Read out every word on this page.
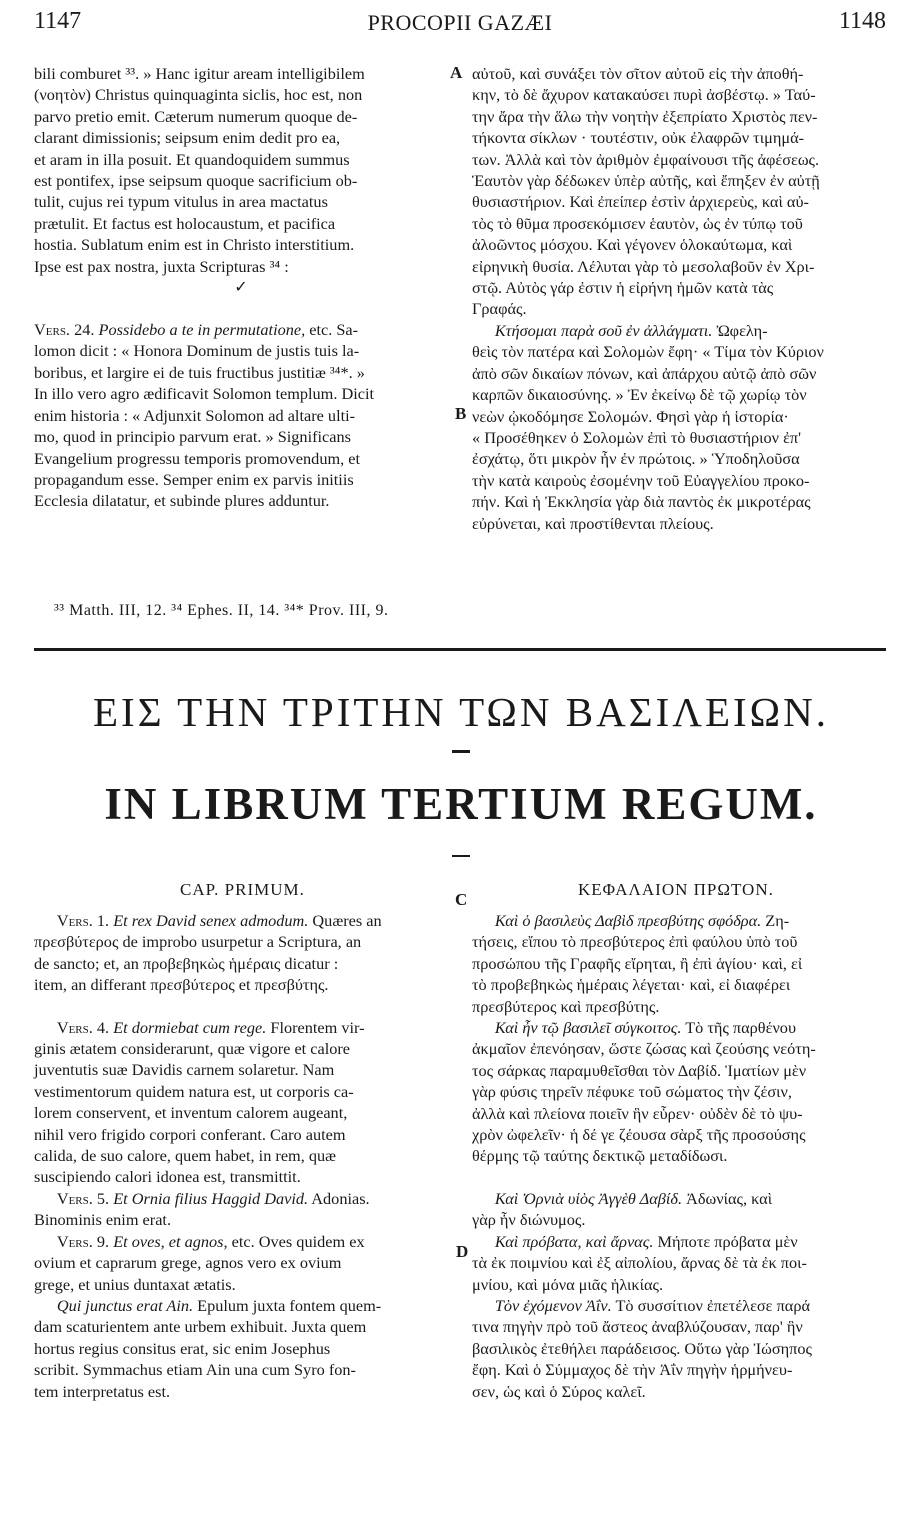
1147	PROCOPII GAZÆI	1148

bili comburet ³³. » Hanc igitur aream intelligibilem

(νοητὸν) Christus quinquaginta siclis, hoc est, non

parvo pretio emit. Cæterum numerum quoque de-

clarant dimissionis; seipsum enim dedit pro ea,

et aram in illa posuit. Et quandoquidem summus

est pontifex, ipse seipsum quoque sacrificium ob-

tulit, cujus rei typum vitulus in area mactatus

prætulit. Et factus est holocaustum, et pacifica

hostia. Sublatum enim est in Christo interstitium.

Ipse est pax nostra, juxta Scripturas ³⁴ :

✓

Vers. 24. Possidebo a te in permutatione, etc. Sa-

lomon dicit : « Honora Dominum de justis tuis la-

boribus, et largire ei de tuis fructibus justitiæ ³⁴*. »

In illo vero agro ædificavit Solomon templum. Dicit

enim historia : « Adjunxit Solomon ad altare ulti-

mo, quod in principio parvum erat. » Significans

Evangelium progressu temporis promovendum, et

propagandum esse. Semper enim ex parvis initiis

Ecclesia dilatatur, et subinde plures adduntur.

αὐτοῦ, καὶ συνάξει τὸν σῖτον αὐτοῦ εἰς τὴν ἀποθή-

κην, τὸ δὲ ἄχυρον κατακαύσει πυρὶ ἀσβέστῳ. » Ταύ-

την ἄρα τὴν ἅλω τὴν νοητὴν ἐξεπρίατο Χριστὸς πεν-

τήκοντα σίκλων · τουτέστιν, οὐκ ἐλαφρῶν τιμημά-

των. Ἀλλὰ καὶ τὸν ἀριθμὸν ἐμφαίνουσι τῆς ἀφέσεως.

Ἑαυτὸν γὰρ δέδωκεν ὑπὲρ αὐτῆς, καὶ ἔπηξεν ἐν αὐτῇ

θυσιαστήριον. Καὶ ἐπείπερ ἐστὶν ἀρχιερεὺς, καὶ αὐ-

τὸς τὸ θῦμα προσεκόμισεν ἑαυτὸν, ὡς ἐν τύπῳ τοῦ

ἀλοῶντος μόσχου. Καὶ γέγονεν ὁλοκαύτωμα, καὶ

εἰρηνικὴ θυσία. Λέλυται γὰρ τὸ μεσολαβοῦν ἐν Χρι-

στῷ. Αὐτὸς γάρ ἐστιν ἡ εἰρήνη ἡμῶν κατὰ τὰς

Γραφάς.

Κτήσομαι παρὰ σοῦ ἐν ἀλλάγματι. Ὠφελη-

θεὶς τὸν πατέρα καὶ Σολομὼν ἔφη· « Τίμα τὸν Κύριον

ἀπὸ σῶν δικαίων πόνων, καὶ ἀπάρχου αὐτῷ ἀπὸ σῶν

καρπῶν δικαιοσύνης. » Ἐν ἐκείνῳ δὲ τῷ χωρίῳ τὸν

νεὼν ᾠκοδόμησε Σολομών. Φησὶ γὰρ ἡ ἱστορία·

« Προσέθηκεν ὁ Σολομὼν ἐπὶ τὸ θυσιαστήριον ἐπ'

ἐσχάτῳ, ὅτι μικρὸν ἦν ἐν πρώτοις. » Ὑποδηλοῦσα

τὴν κατὰ καιροὺς ἐσομένην τοῦ Εὐαγγελίου προκο-

πήν. Καὶ ἡ Ἐκκλησία γὰρ διὰ παντὸς ἐκ μικροτέρας

εὐρύνεται, καὶ προστίθενται πλείους.

A
B
³³ Matth. III, 12. ³⁴ Ephes. II, 14. ³⁴* Prov. III, 9.
ΕΙΣ ΤΗΝ ΤΡΙΤΗΝ ΤΩΝ ΒΑΣΙΛΕΙΩΝ.
IN LIBRUM TERTIUM REGUM.
CAP. PRIMUM.	ΚΕΦΑΛΑΙΟΝ ΠΡΩΤΟΝ.
C
D

Vers. 1. Et rex David senex admodum. Quæres an

πρεσβύτερος de improbo usurpetur a Scriptura, an

de sancto; et, an προβεβηκὼς ἡμέραις dicatur :

item, an differant πρεσβύτερος et πρεσβύτης.

Vers. 4. Et dormiebat cum rege. Florentem vir-

ginis ætatem considerarunt, quæ vigore et calore

juventutis suæ Davidis carnem solaretur. Nam

vestimentorum quidem natura est, ut corporis ca-

lorem conservent, et inventum calorem augeant,

nihil vero frigido corpori conferant. Caro autem

calida, de suo calore, quem habet, in rem, quæ

suscipiendo calori idonea est, transmittit.

Vers. 5. Et Ornia filius Haggid David. Adonias.

Binominis enim erat.

Vers. 9. Et oves, et agnos, etc. Oves quidem ex

ovium et caprarum grege, agnos vero ex ovium

grege, et unius duntaxat ætatis.

Qui junctus erat Ain. Epulum juxta fontem quem-

dam scaturientem ante urbem exhibuit. Juxta quem

hortus regius consitus erat, sic enim Josephus

scribit. Symmachus etiam Ain una cum Syro fon-

tem interpretatus est.

Καὶ ὁ βασιλεὺς Δαβὶδ πρεσβύτης σφόδρα. Ζη-

τήσεις, εἴπου τὸ πρεσβύτερος ἐπὶ φαύλου ὑπὸ τοῦ

προσώπου τῆς Γραφῆς εἴρηται, ἢ ἐπὶ ἁγίου· καὶ, εἰ

τὸ προβεβηκὼς ἡμέραις λέγεται· καὶ, εἰ διαφέρει

πρεσβύτερος καὶ πρεσβύτης.

Καὶ ἦν τῷ βασιλεῖ σύγκοιτος. Τὸ τῆς παρθένου

ἀκμαῖον ἐπενόησαν, ὥστε ζώσας καὶ ζεούσης νεότη-

τος σάρκας παραμυθεῖσθαι τὸν Δαβίδ. Ἱματίων μὲν

γὰρ φύσις τηρεῖν πέφυκε τοῦ σώματος τὴν ζέσιν,

ἀλλὰ καὶ πλείονα ποιεῖν ἣν εὗρεν· οὐδὲν δὲ τὸ ψυ-

χρὸν ὠφελεῖν· ἡ δέ γε ζέουσα σὰρξ τῆς προσούσης

θέρμης τῷ ταύτης δεκτικῷ μεταδίδωσι.

Καὶ Ὀρνιὰ υἱὸς Ἀγγὲθ Δαβίδ. Ἀδωνίας, καὶ

γὰρ ἦν διώνυμος.

Καὶ πρόβατα, καὶ ἄρνας. Μήποτε πρόβατα μὲν

τὰ ἐκ ποιμνίου καὶ ἐξ αἰπολίου, ἄρνας δὲ τὰ ἐκ ποι-

μνίου, καὶ μόνα μιᾶς ἡλικίας.

Τὸν ἐχόμενον Ἀΐν. Τὸ συσσίτιον ἐπετέλεσε παρά

τινα πηγὴν πρὸ τοῦ ἄστεος ἀναβλύζουσαν, παρ' ἣν

βασιλικὸς ἐτεθήλει παράδεισος. Οὕτω γὰρ Ἰώσηπος

ἔφη. Καὶ ὁ Σύμμαχος δὲ τὴν Ἀΐν πηγὴν ἡρμήνευ-

σεν, ὡς καὶ ὁ Σύρος καλεῖ.
